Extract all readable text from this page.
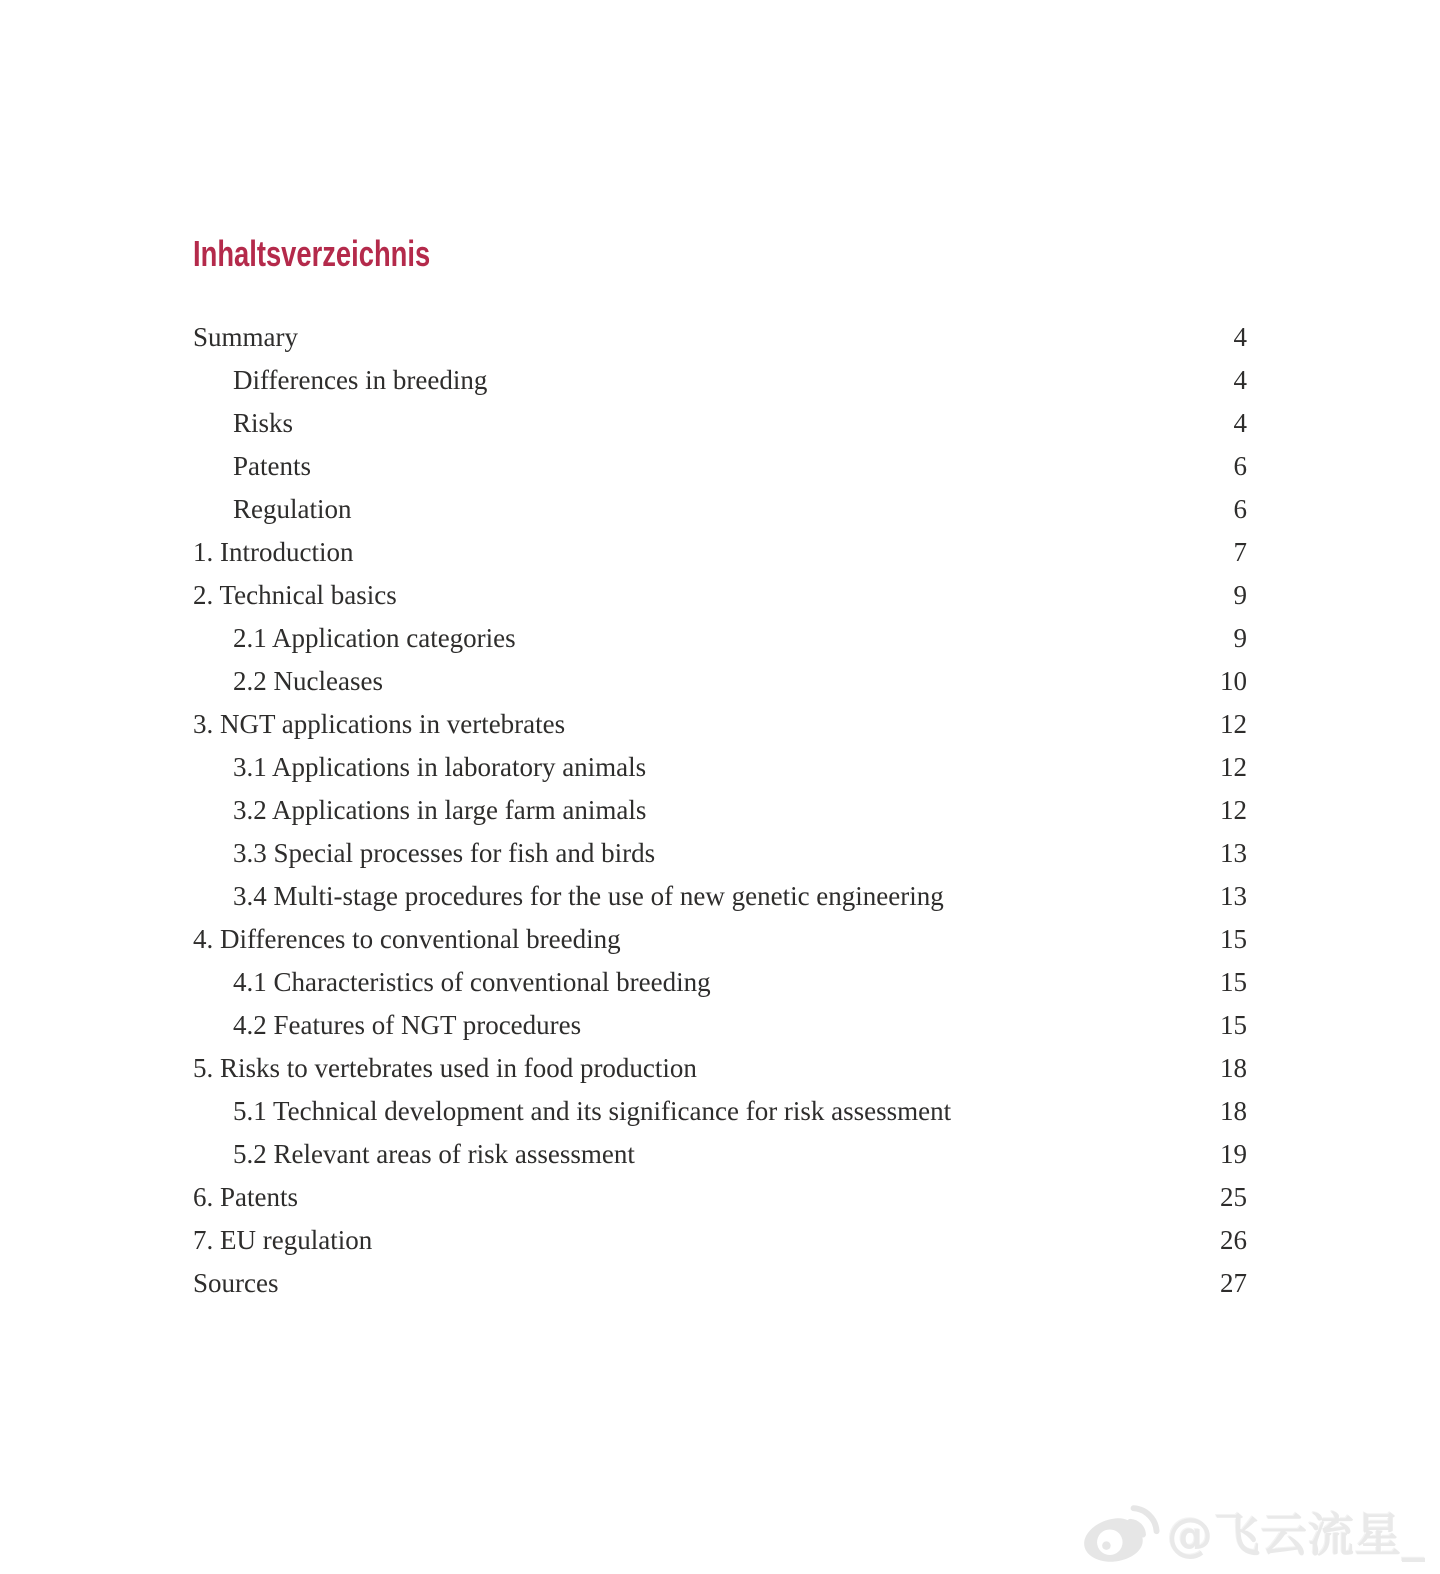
Inhaltsverzeichnis
Summary	4
Differences in breeding	4
Risks	4
Patents	6
Regulation	6
1. Introduction	7
2. Technical basics	9
2.1 Application categories	9
2.2 Nucleases	10
3. NGT applications in vertebrates	12
3.1 Applications in laboratory animals	12
3.2 Applications in large farm animals	12
3.3 Special processes for fish and birds	13
3.4 Multi-stage procedures for the use of new genetic engineering	13
4. Differences to conventional breeding	15
4.1 Characteristics of conventional breeding	15
4.2 Features of NGT procedures	15
5. Risks to vertebrates used in food production	18
5.1 Technical development and its significance for risk assessment	18
5.2 Relevant areas of risk assessment	19
6. Patents	25
7. EU regulation	26
Sources	27
@飞云流星_
